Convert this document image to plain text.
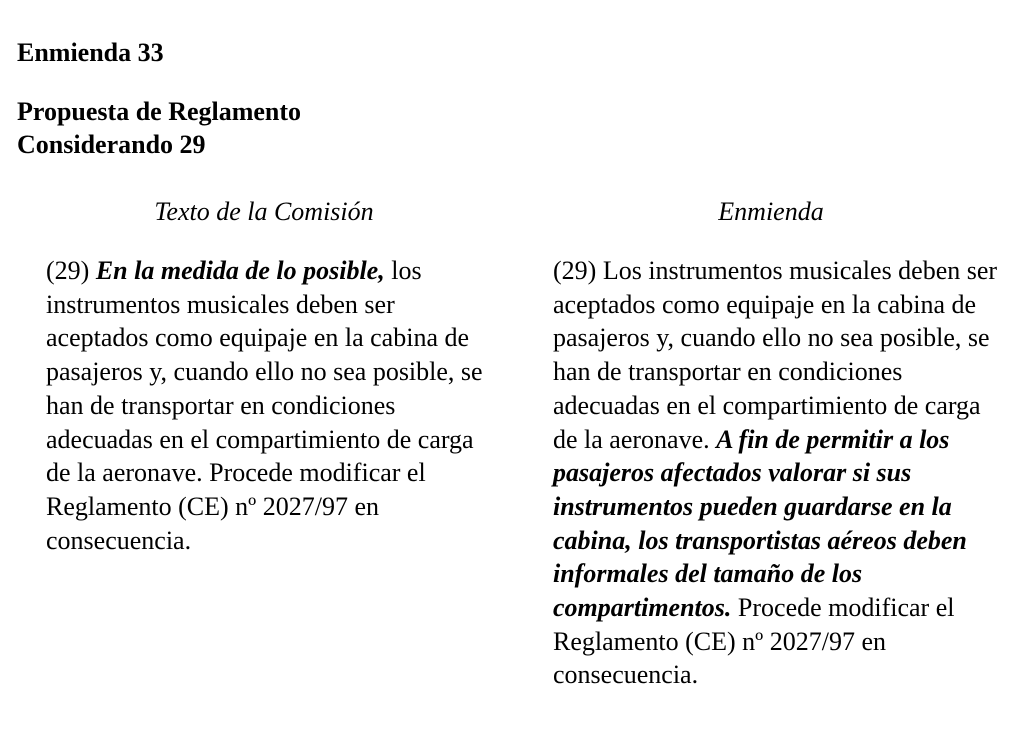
Enmienda 33
Propuesta de Reglamento
Considerando 29
Texto de la Comisión	Enmienda
(29) En la medida de lo posible, los instrumentos musicales deben ser aceptados como equipaje en la cabina de pasajeros y, cuando ello no sea posible, se han de transportar en condiciones adecuadas en el compartimiento de carga de la aeronave. Procede modificar el Reglamento (CE) nº 2027/97 en consecuencia.
(29) Los instrumentos musicales deben ser aceptados como equipaje en la cabina de pasajeros y, cuando ello no sea posible, se han de transportar en condiciones adecuadas en el compartimiento de carga de la aeronave. A fin de permitir a los pasajeros afectados valorar si sus instrumentos pueden guardarse en la cabina, los transportistas aéreos deben informales del tamaño de los compartimentos. Procede modificar el Reglamento (CE) nº 2027/97 en consecuencia.
